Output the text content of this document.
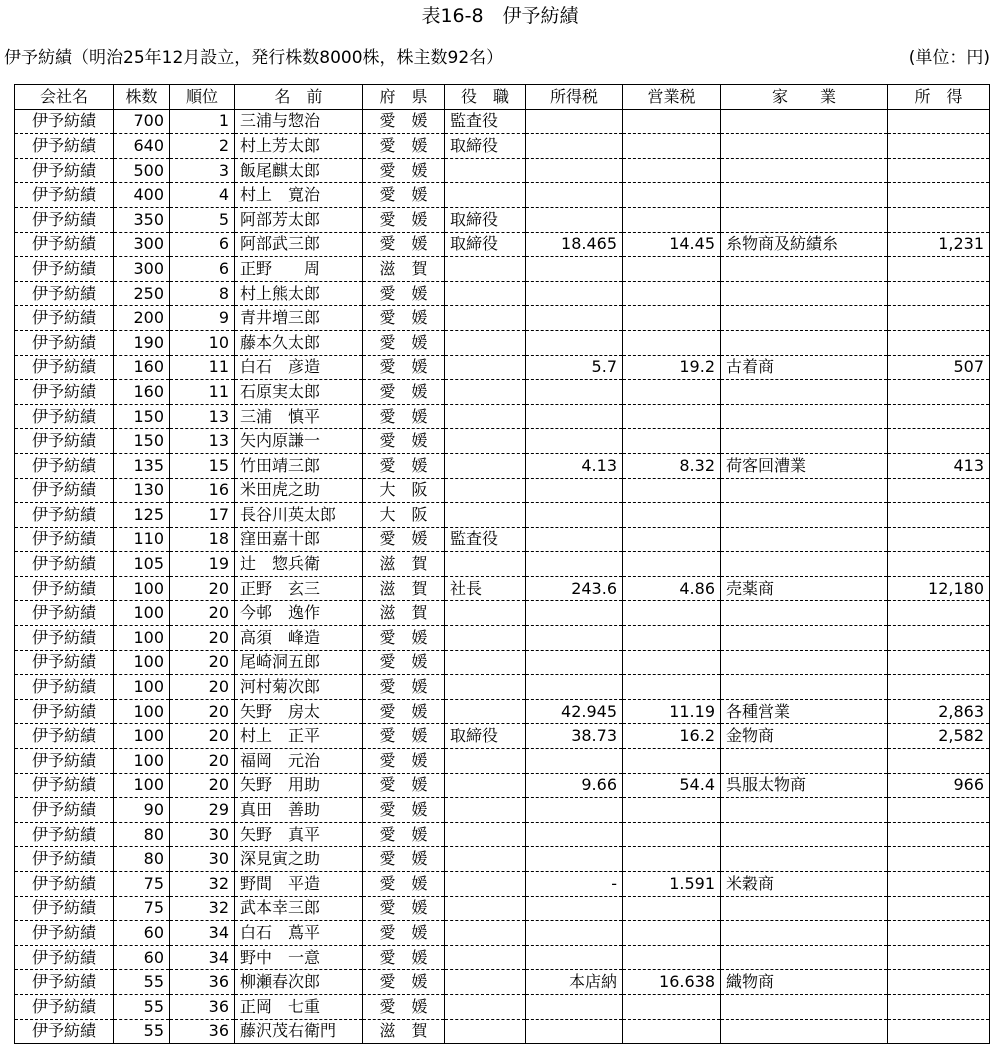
表16-8　伊予紡績
伊予紡績（明治25年12月設立，発行株数8000株，株主数92名）	(単位：円)
会社名	株数	順位	名　前	府　県	役　職	所得税	営業税	家　　業	所　得
伊予紡績	700	1	三浦与惣治	愛　媛	監査役				
伊予紡績	640	2	村上芳太郎	愛　媛	取締役				
伊予紡績	500	3	飯尾麒太郎	愛　媛					
伊予紡績	400	4	村上　寛治	愛　媛					
伊予紡績	350	5	阿部芳太郎	愛　媛	取締役				
伊予紡績	300	6	阿部武三郎	愛　媛	取締役	18.465	14.45	糸物商及紡績糸	1,231
伊予紡績	300	6	正野　　周	滋　賀					
伊予紡績	250	8	村上熊太郎	愛　媛					
伊予紡績	200	9	青井増三郎	愛　媛					
伊予紡績	190	10	藤本久太郎	愛　媛					
伊予紡績	160	11	白石　彦造	愛　媛		5.7	19.2	古着商	507
伊予紡績	160	11	石原実太郎	愛　媛					
伊予紡績	150	13	三浦　慎平	愛　媛					
伊予紡績	150	13	矢内原謙一	愛　媛					
伊予紡績	135	15	竹田靖三郎	愛　媛		4.13	8.32	荷客回漕業	413
伊予紡績	130	16	米田虎之助	大　阪					
伊予紡績	125	17	長谷川英太郎	大　阪					
伊予紡績	110	18	窪田嘉十郎	愛　媛	監査役				
伊予紡績	105	19	辻　惣兵衛	滋　賀					
伊予紡績	100	20	正野　玄三	滋　賀	社長	243.6	4.86	売薬商	12,180
伊予紡績	100	20	今邨　逸作	滋　賀					
伊予紡績	100	20	高須　峰造	愛　媛					
伊予紡績	100	20	尾崎洞五郎	愛　媛					
伊予紡績	100	20	河村菊次郎	愛　媛					
伊予紡績	100	20	矢野　房太	愛　媛		42.945	11.19	各種営業	2,863
伊予紡績	100	20	村上　正平	愛　媛	取締役	38.73	16.2	金物商	2,582
伊予紡績	100	20	福岡　元治	愛　媛					
伊予紡績	100	20	矢野　用助	愛　媛		9.66	54.4	呉服太物商	966
伊予紡績	90	29	真田　善助	愛　媛					
伊予紡績	80	30	矢野　真平	愛　媛					
伊予紡績	80	30	深見寅之助	愛　媛					
伊予紡績	75	32	野間　平造	愛　媛		-	1.591	米穀商	
伊予紡績	75	32	武本幸三郎	愛　媛					
伊予紡績	60	34	白石　蔦平	愛　媛					
伊予紡績	60	34	野中　一意	愛　媛					
伊予紡績	55	36	柳瀬春次郎	愛　媛		本店納	16.638	織物商	
伊予紡績	55	36	正岡　七重	愛　媛					
伊予紡績	55	36	藤沢茂右衛門	滋　賀					
